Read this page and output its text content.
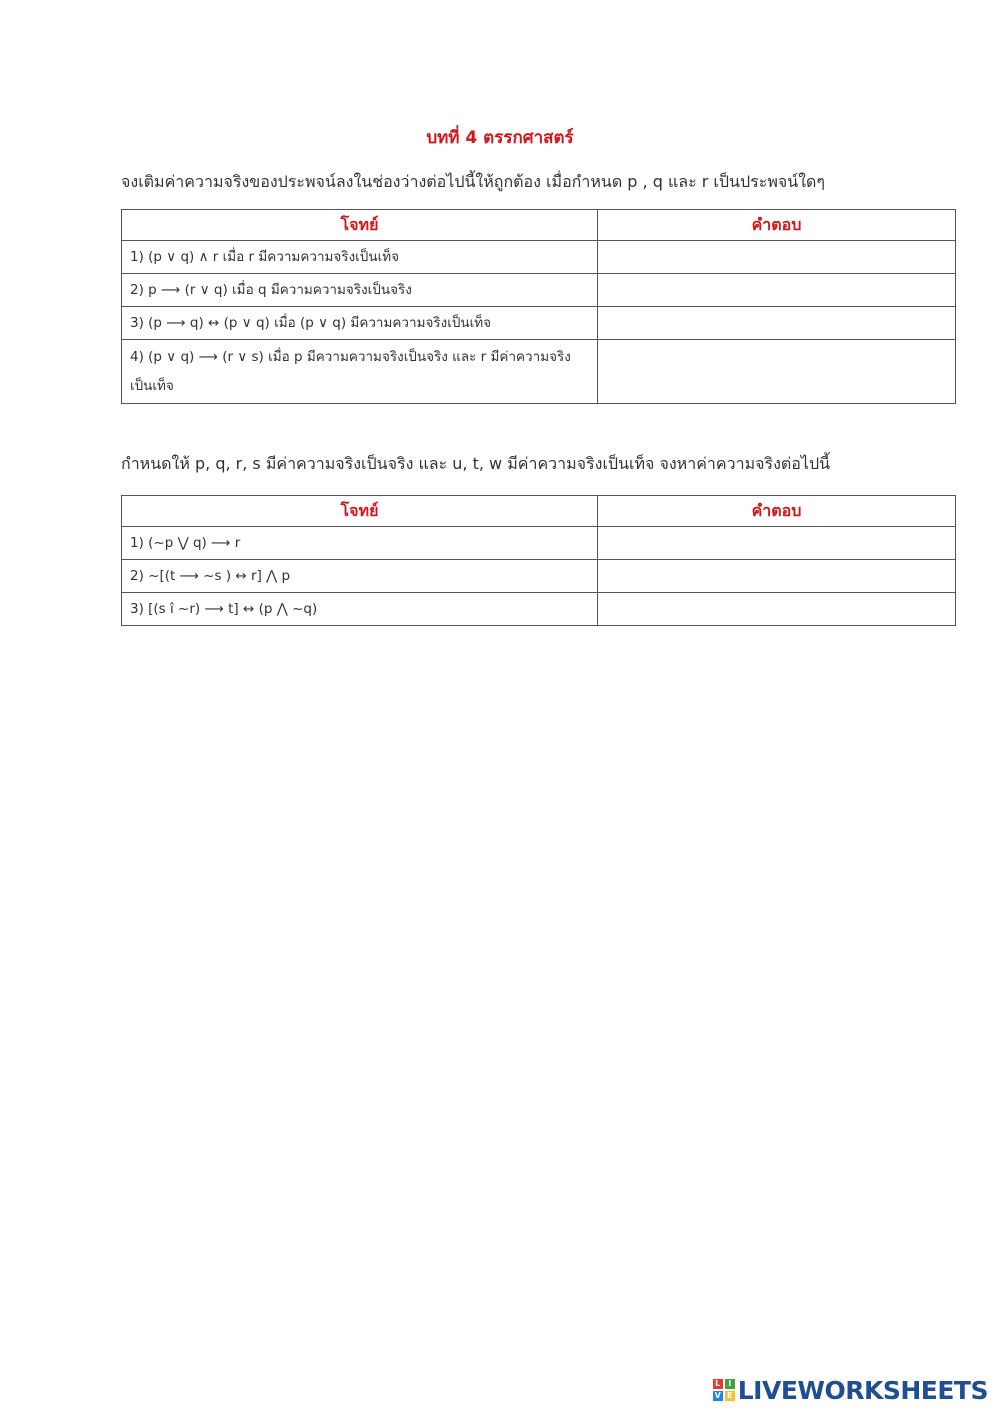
บทที่ 4 ตรรกศาสตร์
จงเติมค่าความจริงของประพจน์ลงในช่องว่างต่อไปนี้ให้ถูกต้อง เมื่อกำหนด p , q และ r เป็นประพจน์ใดๆ
โจทย์	คำตอบ
1) (p ∨ q) ∧ r เมื่อ r มีความความจริงเป็นเท็จ	
2) p ⟶ (r ∨ q) เมื่อ q มีความความจริงเป็นจริง	
3) (p ⟶ q) ↔ (p ∨ q) เมื่อ (p ∨ q) มีความความจริงเป็นเท็จ	
4) (p ∨ q) ⟶ (r ∨ s) เมื่อ p มีความความจริงเป็นจริง และ r มีค่าความจริงเป็นเท็จ	
กำหนดให้ p, q, r, s มีค่าความจริงเป็นจริง และ u, t, w มีค่าความจริงเป็นเท็จ จงหาค่าความจริงต่อไปนี้
โจทย์	คำตอบ
1) (~p ⋁ q) ⟶ r	
2) ~[(t ⟶ ~s ) ↔ r] ⋀ p	
3) [(s î ~r) ⟶ t] ↔ (p ⋀ ~q)	
L I
V E LIVEWORKSHEETS
